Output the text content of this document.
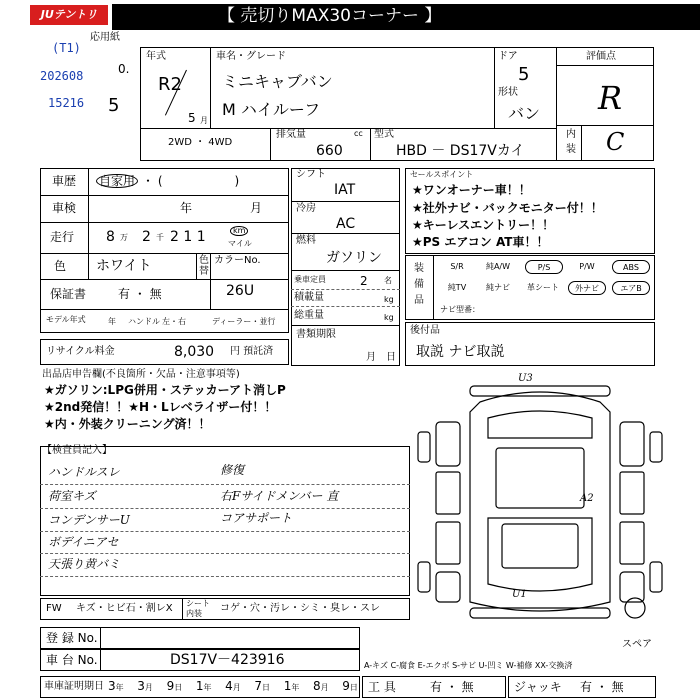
JUテントリ	【 売切りMAX30コーナー 】
応用紙
(T1)
202608
15216
0.
5
年式
R2
5 月
車名・グレード
ミニキャブバン
M ハイルーフ
ドア
5
形状
バン
評価点
R
内
装 C
2WD ・ 4WD
排気量	cc
660
型式
HBD － DS17Vカイ
車歴 自家用 ・ (　　　　　　)
車検	年	月
走行 8 万 2 千 2 1 1	km
マイル
色 ホワイト	色
替
カラーNo.
保証書	有 ・ 無	26U
モデル年式	年 ハンドル 左・右	ディーラー・並行
リサイクル料金	8,030 円 預託済
シフト
IAT
冷房
AC
燃料
ガソリン
乗車定員	2 名
積載量	kg
総重量	kg
書類期限
月 日
セールスポイント
★ワンオーナー車！！
★社外ナビ・バックモニター付！！
★キーレスエントリー！！
★PS エアコン AT車！！
装
備
品
S/R	純A/W	P/S	P/W	ABS
純TV	純ナビ	革シート	外ナビ	エアB
ナビ型番：
後付品
取説 ナビ取説
出品店申告欄(不良箇所・欠品・注意事項等)
★ガソリン:LPG併用・ステッカーアト消しP
★2nd発信！！★H・Lレベライザー付！！
★内・外装クリーニング済！！
【検査員記入】
ハンドルスレ
荷室キズ
コンデンサーU
ボデイニアセ
天張り黄バミ
修復
右Fサイドメンバー 直
コアサポート
U3
A2
U1
スペア
FW キズ・ヒビ石・割レX シート
内装 コゲ・穴・汚レ・シミ・臭レ・スレ
登 録 No.
車 台 No.	DS17V－423916	A-キズ C-腐食 E-エクボ S-サビ U-凹ミ W-補修 XX-交換済
車庫証明期日 3年 3月 9日 1年 4月 7日 1年 8月 9日 工 具	有 ・ 無	ジャッキ 有 ・ 無
